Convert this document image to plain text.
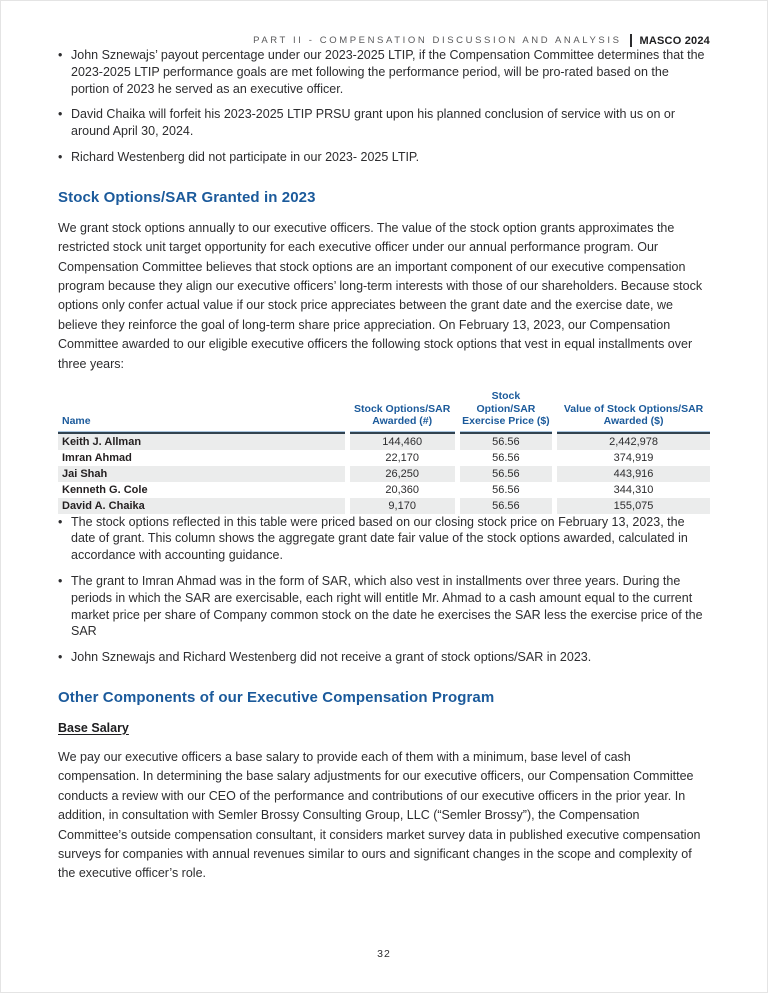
PART II - COMPENSATION DISCUSSION AND ANALYSIS MASCO 2024
• John Sznewajs’ payout percentage under our 2023-2025 LTIP, if the Compensation Committee determines that the 2023-2025 LTIP performance goals are met following the performance period, will be pro-rated based on the portion of 2023 he served as an executive officer.
• David Chaika will forfeit his 2023-2025 LTIP PRSU grant upon his planned conclusion of service with us on or around April 30, 2024.
• Richard Westenberg did not participate in our 2023- 2025 LTIP.
Stock Options/SAR Granted in 2023

We grant stock options annually to our executive officers. The value of the stock option grants approximates the restricted stock unit target opportunity for each executive officer under our annual performance program. Our Compensation Committee believes that stock options are an important component of our executive compensation program because they align our executive officers’ long-term interests with those of our shareholders. Because stock options only confer actual value if our stock price appreciates between the grant date and the exercise date, we believe they reinforce the goal of long-term share price appreciation. On February 13, 2023, our Compensation Committee awarded to our eligible executive officers the following stock options that vest in equal installments over three years:

Name	Stock Options/SAR Awarded (#)	Stock Option/SAR Exercise Price ($)	Value of Stock Options/SAR Awarded ($)
Keith J. Allman	144,460	56.56	2,442,978
Imran Ahmad	22,170	56.56	374,919
Jai Shah	26,250	56.56	443,916
Kenneth G. Cole	20,360	56.56	344,310
David A. Chaika	9,170	56.56	155,075
• The stock options reflected in this table were priced based on our closing stock price on February 13, 2023, the date of grant. This column shows the aggregate grant date fair value of the stock options awarded, calculated in accordance with accounting guidance.
• The grant to Imran Ahmad was in the form of SAR, which also vest in installments over three years. During the periods in which the SAR are exercisable, each right will entitle Mr. Ahmad to a cash amount equal to the current market price per share of Company common stock on the date he exercises the SAR less the exercise price of the SAR
• John Sznewajs and Richard Westenberg did not receive a grant of stock options/SAR in 2023.
Other Components of our Executive Compensation Program
Base Salary

We pay our executive officers a base salary to provide each of them with a minimum, base level of cash compensation. In determining the base salary adjustments for our executive officers, our Compensation Committee conducts a review with our CEO of the performance and contributions of our executive officers in the prior year. In addition, in consultation with Semler Brossy Consulting Group, LLC (“Semler Brossy”), the Compensation Committee’s outside compensation consultant, it considers market survey data in published executive compensation surveys for companies with annual revenues similar to ours and significant changes in the scope and complexity of the executive officer’s role.

32
